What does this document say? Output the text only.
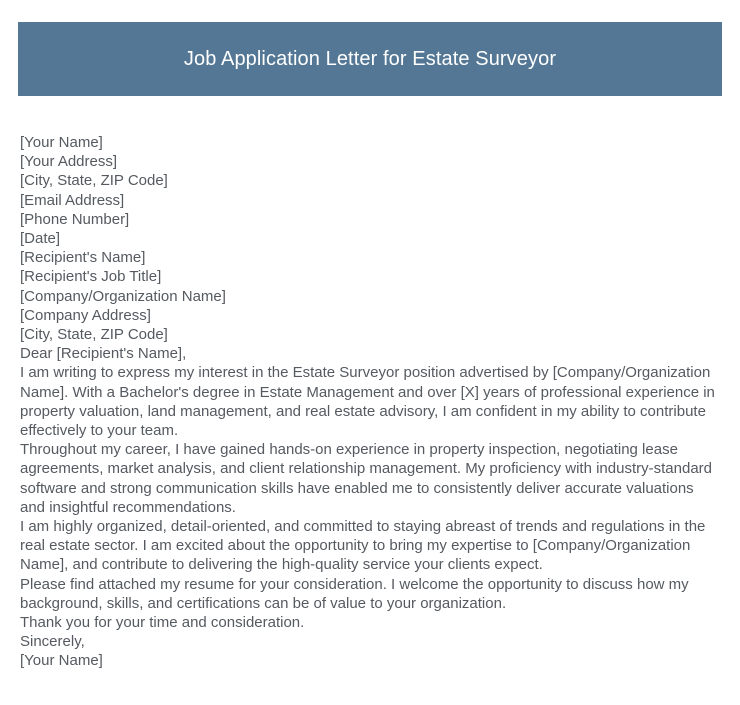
Job Application Letter for Estate Surveyor
[Your Name]
[Your Address]
[City, State, ZIP Code]
[Email Address]
[Phone Number]
[Date]
[Recipient's Name]
[Recipient's Job Title]
[Company/Organization Name]
[Company Address]
[City, State, ZIP Code]
Dear [Recipient's Name],
I am writing to express my interest in the Estate Surveyor position advertised by [Company/Organization Name]. With a Bachelor's degree in Estate Management and over [X] years of professional experience in property valuation, land management, and real estate advisory, I am confident in my ability to contribute effectively to your team.
Throughout my career, I have gained hands-on experience in property inspection, negotiating lease agreements, market analysis, and client relationship management. My proficiency with industry-standard software and strong communication skills have enabled me to consistently deliver accurate valuations and insightful recommendations.
I am highly organized, detail-oriented, and committed to staying abreast of trends and regulations in the real estate sector. I am excited about the opportunity to bring my expertise to [Company/Organization Name], and contribute to delivering the high-quality service your clients expect.
Please find attached my resume for your consideration. I welcome the opportunity to discuss how my background, skills, and certifications can be of value to your organization.
Thank you for your time and consideration.
Sincerely,
[Your Name]
